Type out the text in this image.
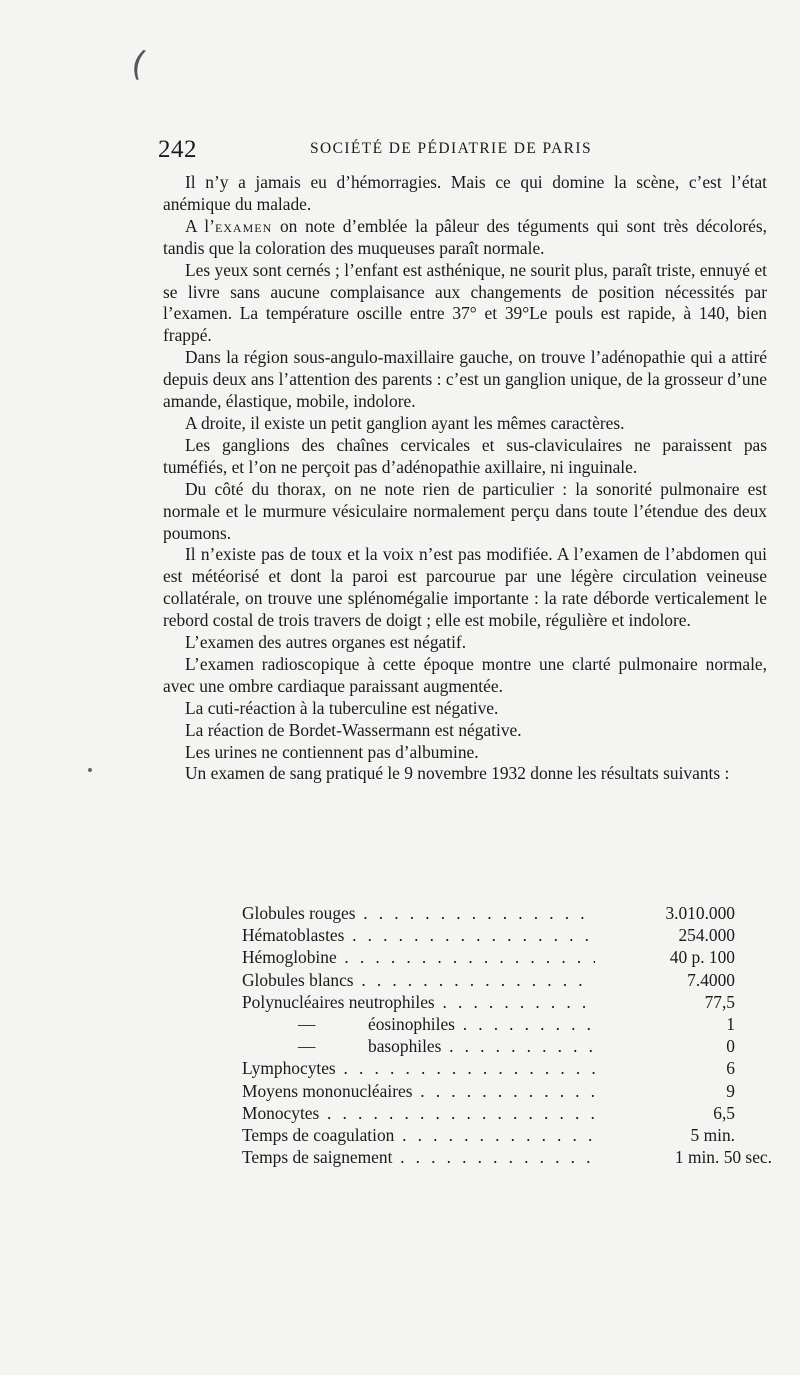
(
242	SOCIÉTÉ DE PÉDIATRIE DE PARIS

Il n’y a jamais eu d’hémorragies. Mais ce qui domine la scène, c’est l’état anémique du malade.

A l’examen on note d’emblée la pâleur des téguments qui sont très décolorés, tandis que la coloration des muqueuses paraît normale.

Les yeux sont cernés ; l’enfant est asthénique, ne sourit plus, paraît triste, ennuyé et se livre sans aucune complaisance aux changements de position nécessités par l’examen. La température oscille entre 37° et 39°Le pouls est rapide, à 140, bien frappé.

Dans la région sous-angulo-maxillaire gauche, on trouve l’adénopathie qui a attiré depuis deux ans l’attention des parents : c’est un ganglion unique, de la grosseur d’une amande, élastique, mobile, indolore.

A droite, il existe un petit ganglion ayant les mêmes caractères.

Les ganglions des chaînes cervicales et sus-claviculaires ne paraissent pas tuméfiés, et l’on ne perçoit pas d’adénopathie axillaire, ni inguinale.

Du côté du thorax, on ne note rien de particulier : la sonorité pulmonaire est normale et le murmure vésiculaire normalement perçu dans toute l’étendue des deux poumons.

Il n’existe pas de toux et la voix n’est pas modifiée. A l’examen de l’abdomen qui est météorisé et dont la paroi est parcourue par une légère circulation veineuse collatérale, on trouve une splénomégalie importante : la rate déborde verticalement le rebord costal de trois travers de doigt ; elle est mobile, régulière et indolore.

L’examen des autres organes est négatif.

L’examen radioscopique à cette époque montre une clarté pulmonaire normale, avec une ombre cardiaque paraissant augmentée.

La cuti-réaction à la tuberculine est négative.

La réaction de Bordet-Wassermann est négative.

Les urines ne contiennent pas d’albumine.

Un examen de sang pratiqué le 9 novembre 1932 donne les résultats suivants :

Globules rouges . . .	3.010.000
Hématoblastes . . .	254.000
Hémoglobine . . .	40 p. 100
Globules blancs . . .	7.4000
Polynucléaires neutrophiles . . .	77,5
—	éosinophiles . . .	1
—	basophiles . . .	0
Lymphocytes . . .	6
Moyens mononucléaires . . .	9
Monocytes . . .	6,5
Temps de coagulation . . .	5 min.
Temps de saignement . . .	1 min. 50 sec.
